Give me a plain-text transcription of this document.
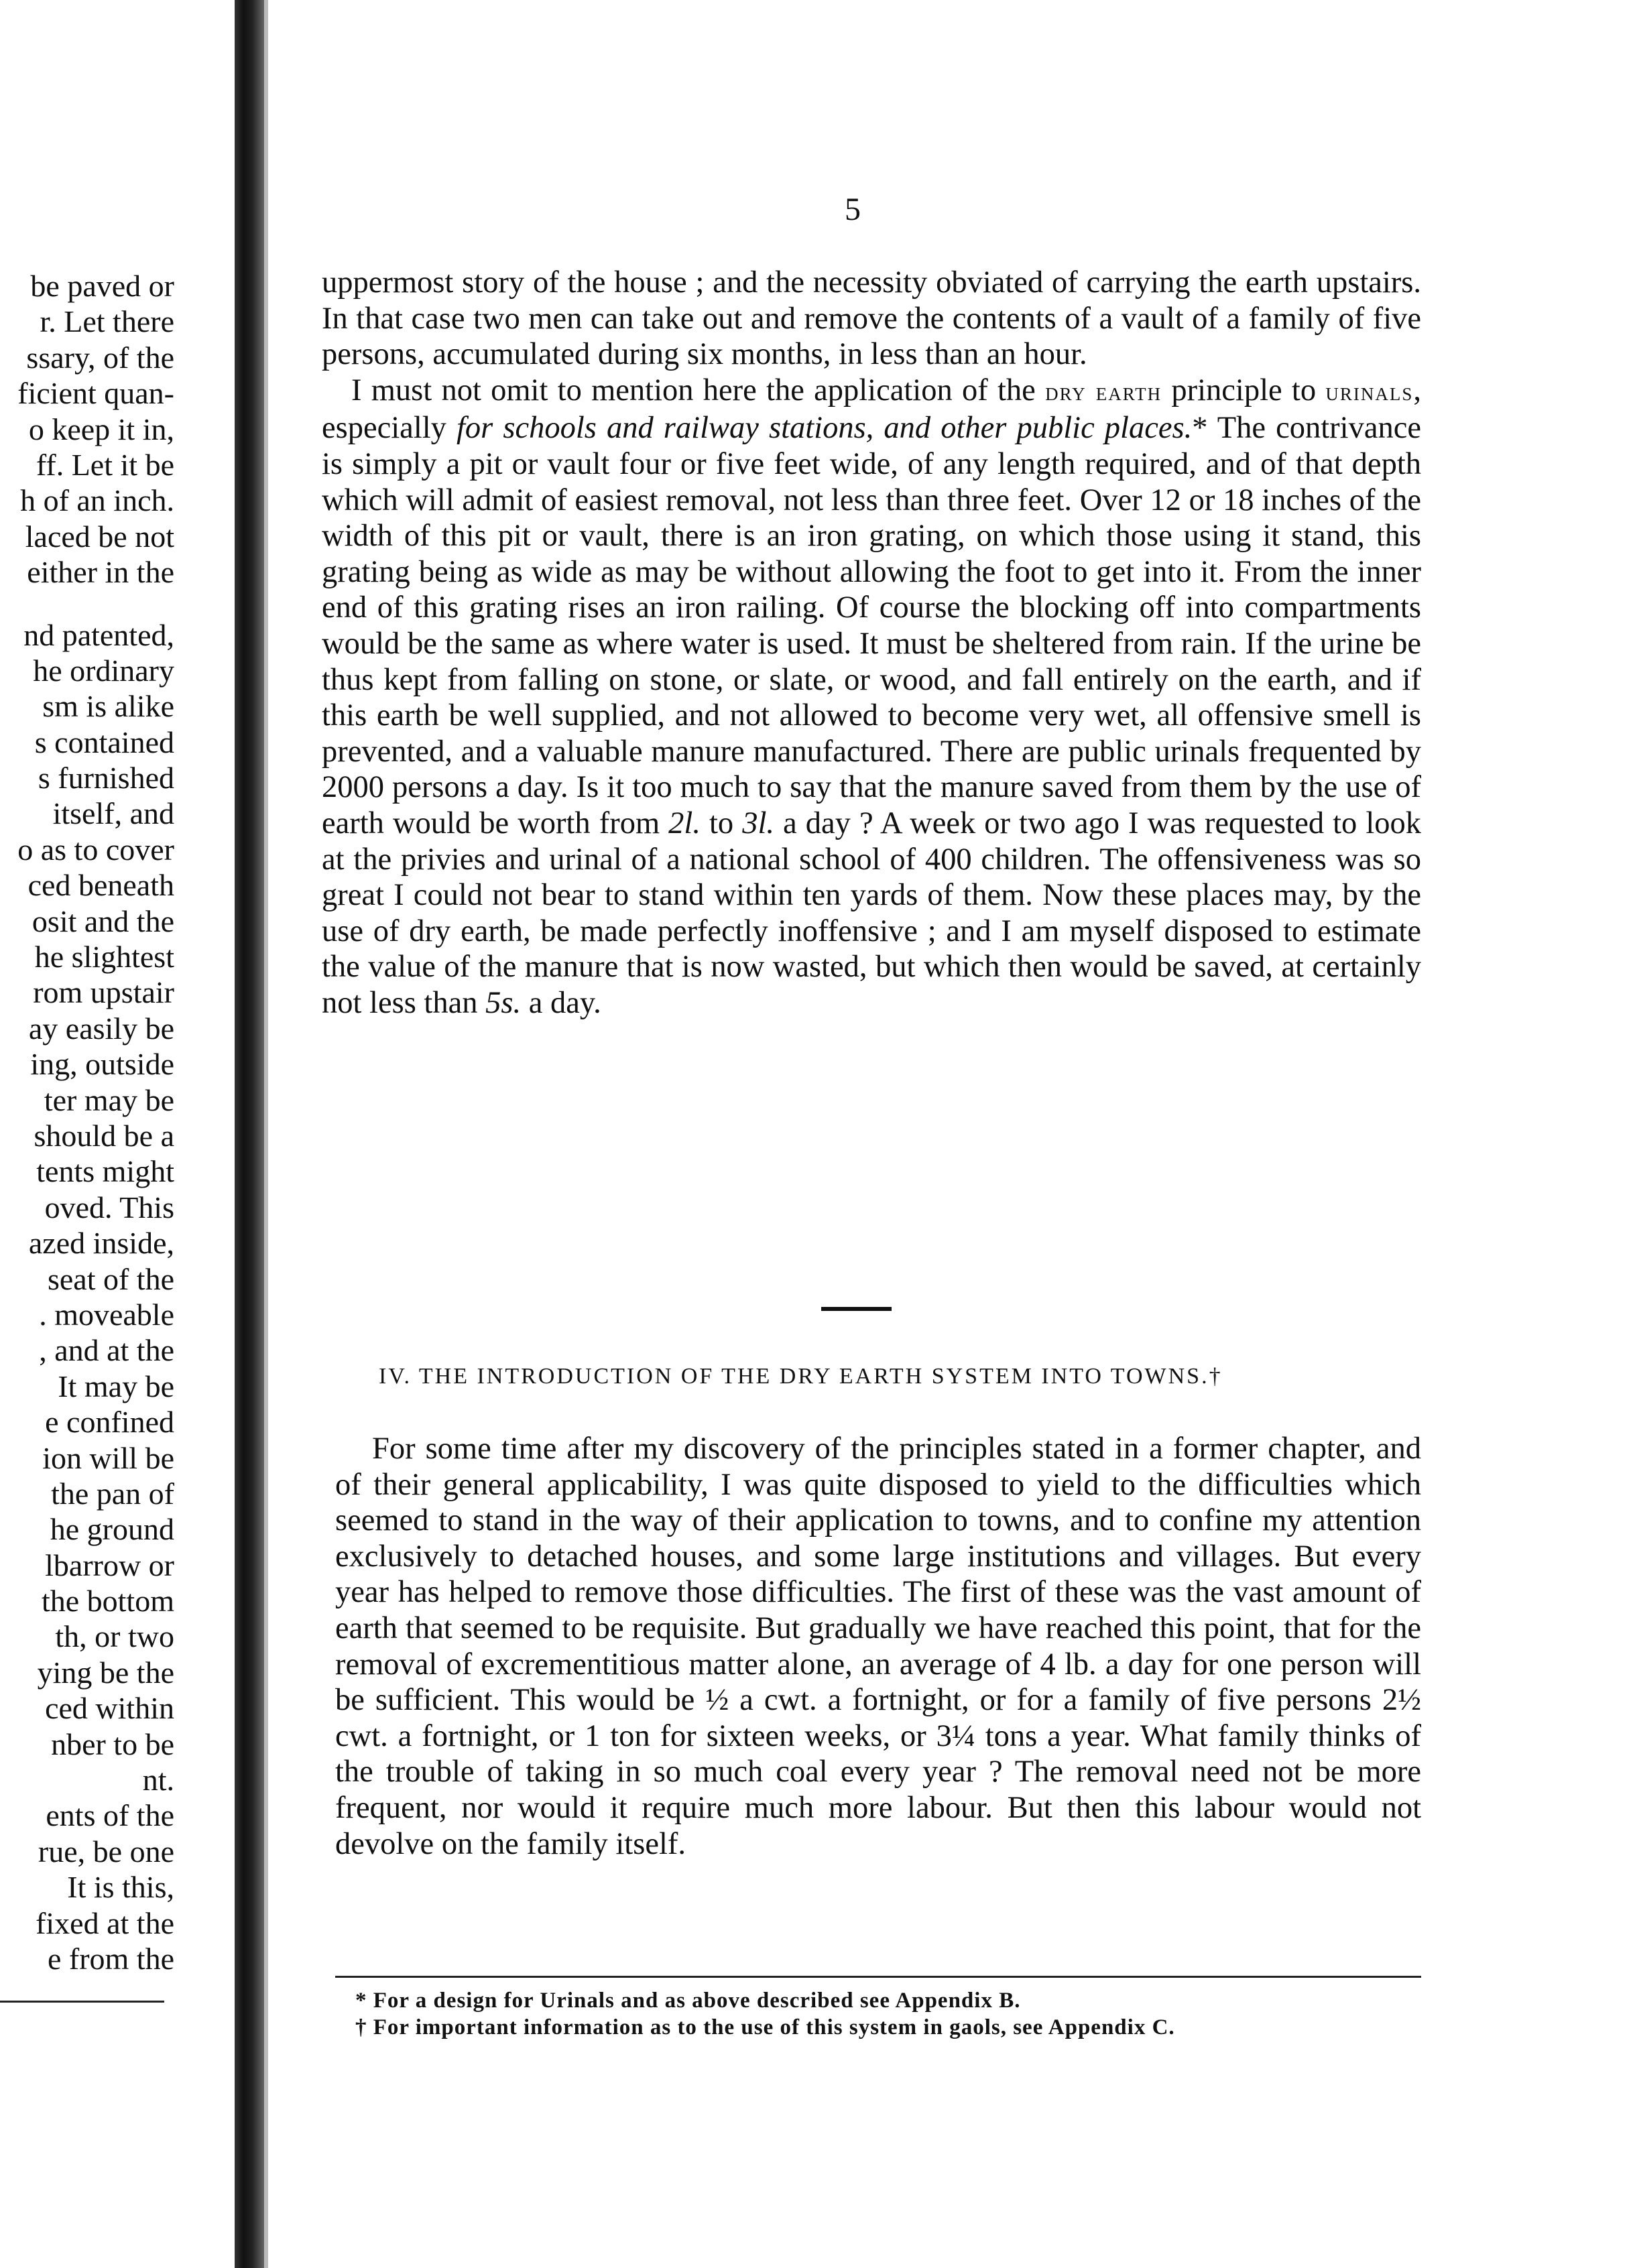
be paved or
r. Let there
ssary, of the
ficient quan-
o keep it in,
ff. Let it be
h of an inch.
laced be not
either in the
nd patented,
he ordinary
sm is alike
s contained
s furnished
itself, and
o as to cover
ced beneath
osit and the
he slightest
rom upstair
ay easily be
ing, outside
ter may be
should be a
tents might
oved. This
azed inside,
seat of the
. moveable
, and at the
It may be
e confined
ion will be
the pan of
he ground
lbarrow or
the bottom
th, or two
ying be the
ced within
nber to be
nt.
ents of the
rue, be one
It is this,
fixed at the
e from the
5

uppermost story of the house ; and the necessity obviated of carrying the earth upstairs. In that case two men can take out and remove the contents of a vault of a family of five persons, accumulated during six months, in less than an hour.

I must not omit to mention here the application of the dry earth principle to urinals, especially for schools and railway stations, and other public places.* The contrivance is simply a pit or vault four or five feet wide, of any length required, and of that depth which will admit of easiest removal, not less than three feet. Over 12 or 18 inches of the width of this pit or vault, there is an iron grating, on which those using it stand, this grating being as wide as may be without allowing the foot to get into it. From the inner end of this grating rises an iron railing. Of course the blocking off into compartments would be the same as where water is used. It must be sheltered from rain. If the urine be thus kept from falling on stone, or slate, or wood, and fall entirely on the earth, and if this earth be well supplied, and not allowed to become very wet, all offensive smell is prevented, and a valuable manure manufactured. There are public urinals frequented by 2000 persons a day. Is it too much to say that the manure saved from them by the use of earth would be worth from 2l. to 3l. a day ? A week or two ago I was requested to look at the privies and urinal of a national school of 400 children. The offensiveness was so great I could not bear to stand within ten yards of them. Now these places may, by the use of dry earth, be made perfectly inoffensive ; and I am myself disposed to estimate the value of the manure that is now wasted, but which then would be saved, at certainly not less than 5s. a day.

IV. THE INTRODUCTION OF THE DRY EARTH SYSTEM INTO TOWNS.†

For some time after my discovery of the principles stated in a former chapter, and of their general applicability, I was quite disposed to yield to the difficulties which seemed to stand in the way of their application to towns, and to confine my attention exclusively to detached houses, and some large institutions and villages. But every year has helped to remove those difficulties. The first of these was the vast amount of earth that seemed to be requisite. But gradually we have reached this point, that for the removal of excrementitious matter alone, an average of 4 lb. a day for one person will be sufficient. This would be ½ a cwt. a fortnight, or for a family of five persons 2½ cwt. a fortnight, or 1 ton for sixteen weeks, or 3¼ tons a year. What family thinks of the trouble of taking in so much coal every year ? The removal need not be more frequent, nor would it require much more labour. But then this labour would not devolve on the family itself.

* For a design for Urinals and as above described see Appendix B.
† For important information as to the use of this system in gaols, see Appendix C.
